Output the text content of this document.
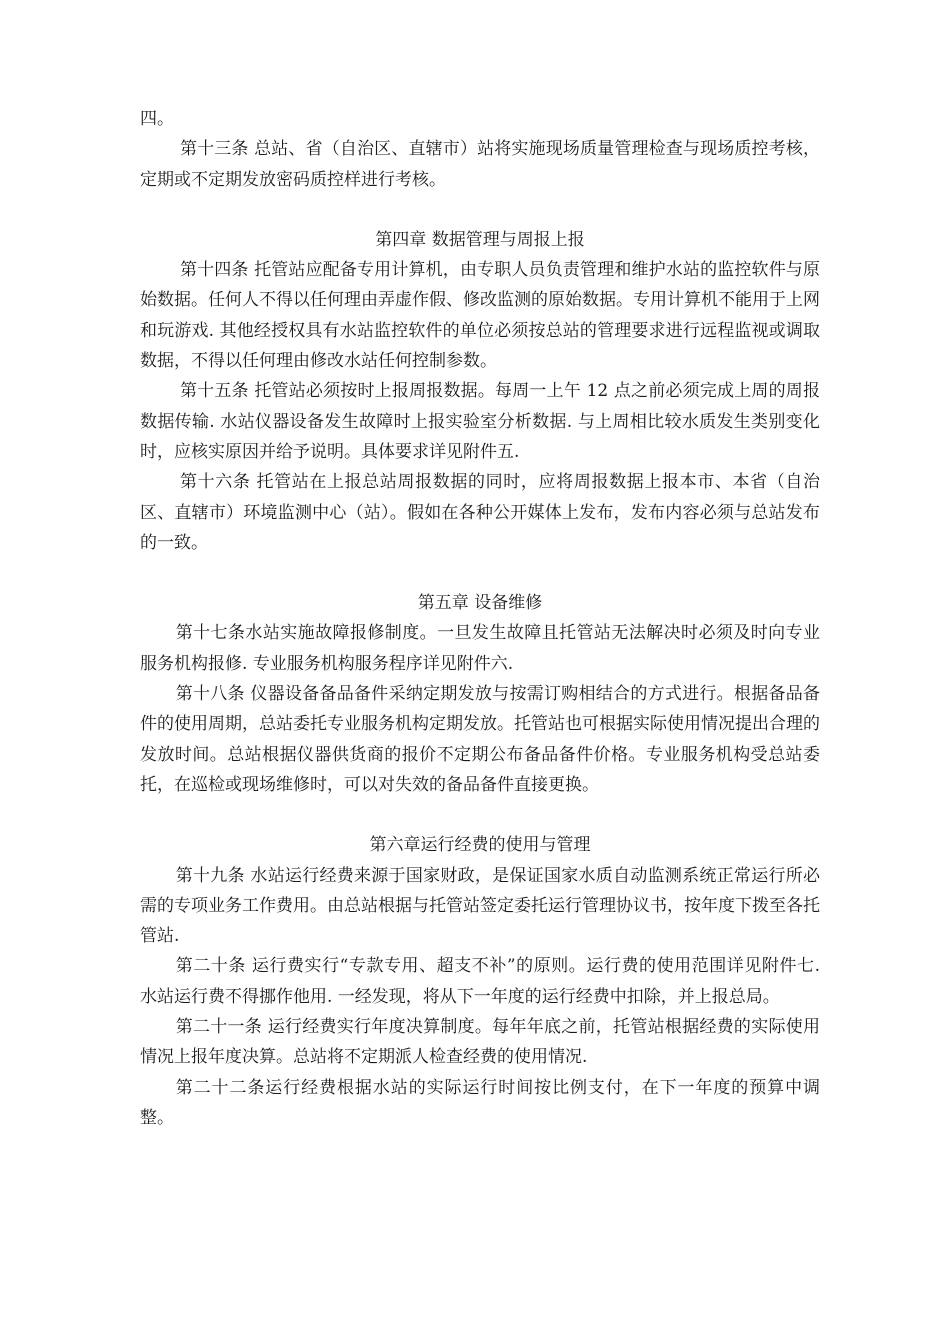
四。

第十三条 总站、省（自治区、直辖市）站将实施现场质量管理检查与现场质控考核，定期或不定期发放密码质控样进行考核。

第四章 数据管理与周报上报

第十四条 托管站应配备专用计算机，由专职人员负责管理和维护水站的监控软件与原始数据。任何人不得以任何理由弄虚作假、修改监测的原始数据。专用计算机不能用于上网和玩游戏. 其他经授权具有水站监控软件的单位必须按总站的管理要求进行远程监视或调取数据，不得以任何理由修改水站任何控制参数。

第十五条 托管站必须按时上报周报数据。每周一上午 12 点之前必须完成上周的周报数据传输. 水站仪器设备发生故障时上报实验室分析数据. 与上周相比较水质发生类别变化时，应核实原因并给予说明。具体要求详见附件五.

第十六条 托管站在上报总站周报数据的同时，应将周报数据上报本市、本省（自治区、直辖市）环境监测中心（站）。假如在各种公开媒体上发布，发布内容必须与总站发布的一致。

第五章 设备维修

第十七条水站实施故障报修制度。一旦发生故障且托管站无法解决时必须及时向专业服务机构报修. 专业服务机构服务程序详见附件六.

第十八条 仪器设备备品备件采纳定期发放与按需订购相结合的方式进行。根据备品备件的使用周期，总站委托专业服务机构定期发放。托管站也可根据实际使用情况提出合理的发放时间。总站根据仪器供货商的报价不定期公布备品备件价格。专业服务机构受总站委托，在巡检或现场维修时，可以对失效的备品备件直接更换。

第六章运行经费的使用与管理

第十九条 水站运行经费来源于国家财政，是保证国家水质自动监测系统正常运行所必需的专项业务工作费用。由总站根据与托管站签定委托运行管理协议书，按年度下拨至各托管站.

第二十条 运行费实行“专款专用、超支不补”的原则。运行费的使用范围详见附件七. 水站运行费不得挪作他用. 一经发现，将从下一年度的运行经费中扣除，并上报总局。

第二十一条 运行经费实行年度决算制度。每年年底之前，托管站根据经费的实际使用情况上报年度决算。总站将不定期派人检查经费的使用情况.

第二十二条运行经费根据水站的实际运行时间按比例支付，在下一年度的预算中调整。
